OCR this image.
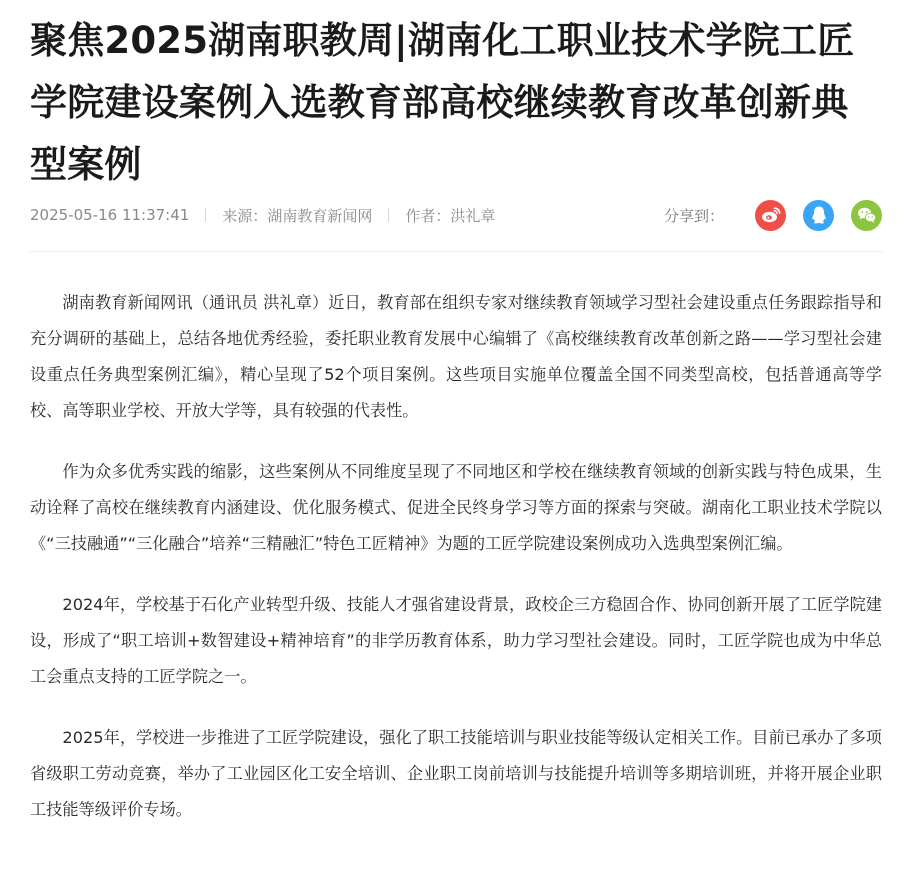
聚焦2025湖南职教周|湖南化工职业技术学院工匠学院建设案例入选教育部高校继续教育改革创新典型案例
2025-05-16 11:37:41 来源：湖南教育新闻网 作者：洪礼章	分享到：

湖南教育新闻网讯（通讯员 洪礼章）近日，教育部在组织专家对继续教育领域学习型社会建设重点任务跟踪指导和充分调研的基础上，总结各地优秀经验，委托职业教育发展中心编辑了《高校继续教育改革创新之路——学习型社会建设重点任务典型案例汇编》，精心呈现了52个项目案例。这些项目实施单位覆盖全国不同类型高校，包括普通高等学校、高等职业学校、开放大学等，具有较强的代表性。

作为众多优秀实践的缩影，这些案例从不同维度呈现了不同地区和学校在继续教育领域的创新实践与特色成果，生动诠释了高校在继续教育内涵建设、优化服务模式、促进全民终身学习等方面的探索与突破。湖南化工职业技术学院以《“三技融通”“三化融合”培养“三精融汇”特色工匠精神》为题的工匠学院建设案例成功入选典型案例汇编。

2024年，学校基于石化产业转型升级、技能人才强省建设背景，政校企三方稳固合作、协同创新开展了工匠学院建设，形成了“职工培训+数智建设+精神培育”的非学历教育体系，助力学习型社会建设。同时，工匠学院也成为中华总工会重点支持的工匠学院之一。

2025年，学校进一步推进了工匠学院建设，强化了职工技能培训与职业技能等级认定相关工作。目前已承办了多项省级职工劳动竞赛，举办了工业园区化工安全培训、企业职工岗前培训与技能提升培训等多期培训班，并将开展企业职工技能等级评价专场。
